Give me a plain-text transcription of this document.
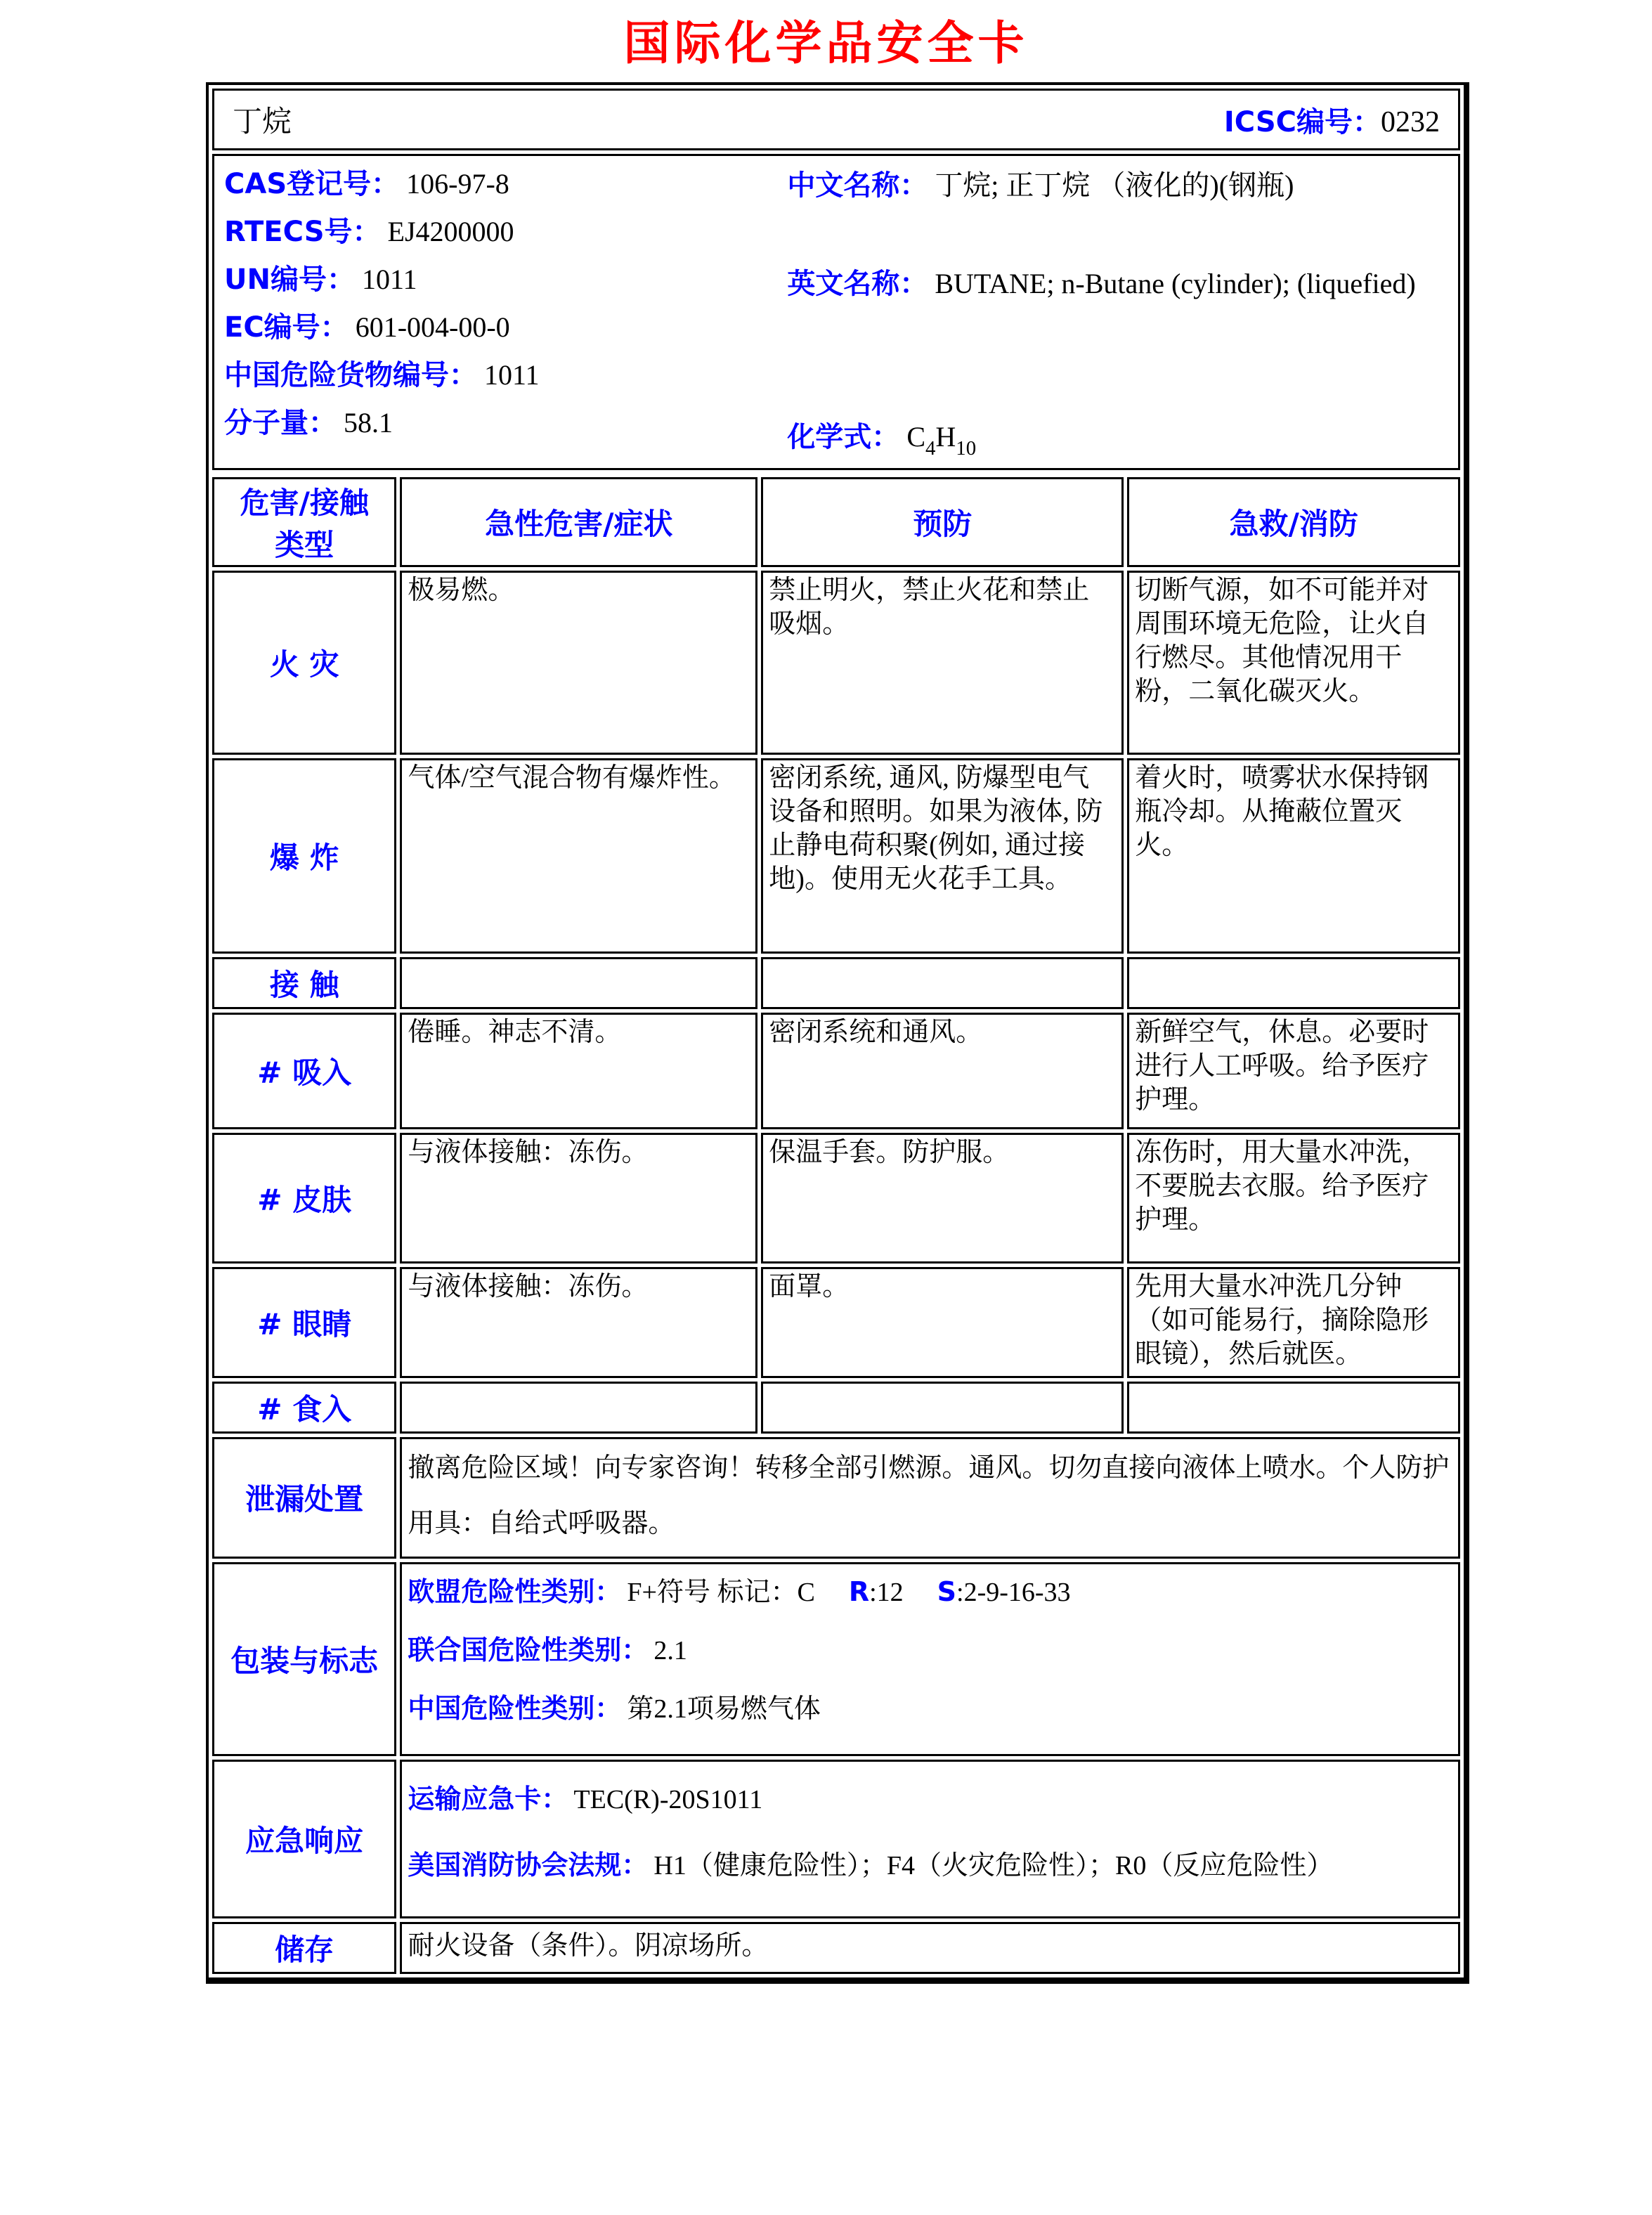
国际化学品安全卡
丁烷	ICSC编号：0232

CAS登记号： 106-97-8
RTECS号： EJ4200000
UN编号： 1011
EC编号： 601-004-00-0
中国危险货物编号： 1011
分子量： 58.1
中文名称： 丁烷; 正丁烷 （液化的)(钢瓶)
英文名称： BUTANE; n-Butane (cylinder); (liquefied)
化学式： $C_4H_{10}$
危害/接触
类型	急性危害/症状	预防	急救/消防
火 灾	极易燃。	禁止明火，禁止火花和禁止吸烟。	切断气源，如不可能并对周围环境无危险，让火自行燃尽。其他情况用干粉，二氧化碳灭火。
爆 炸	气体/空气混合物有爆炸性。	密闭系统, 通风, 防爆型电气设备和照明。如果为液体, 防止静电荷积聚(例如, 通过接地)。使用无火花手工具。	着火时，喷雾状水保持钢瓶冷却。从掩蔽位置灭火。
接 触			
# 吸入	倦睡。神志不清。	密闭系统和通风。	新鲜空气，休息。必要时进行人工呼吸。给予医疗护理。
# 皮肤	与液体接触：冻伤。	保温手套。防护服。	冻伤时，用大量水冲洗，不要脱去衣服。给予医疗护理。
# 眼睛	与液体接触：冻伤。	面罩。	先用大量水冲洗几分钟（如可能易行，摘除隐形眼镜），然后就医。
# 食入			
泄漏处置	撤离危险区域！向专家咨询！转移全部引燃源。通风。切勿直接向液体上喷水。个人防护用具：自给式呼吸器。		
包装与标志	欧盟危险性类别： F+符号 标记：C R:12 S:2-9-16-33
联合国危险性类别： 2.1
中国危险性类别： 第2.1项易燃气体		

应急响应	运输应急卡： TEC(R)-20S1011
美国消防协会法规： H1（健康危险性）；F4（火灾危险性）；R0（反应危险性）		

储存	耐火设备（条件）。阴凉场所。		
